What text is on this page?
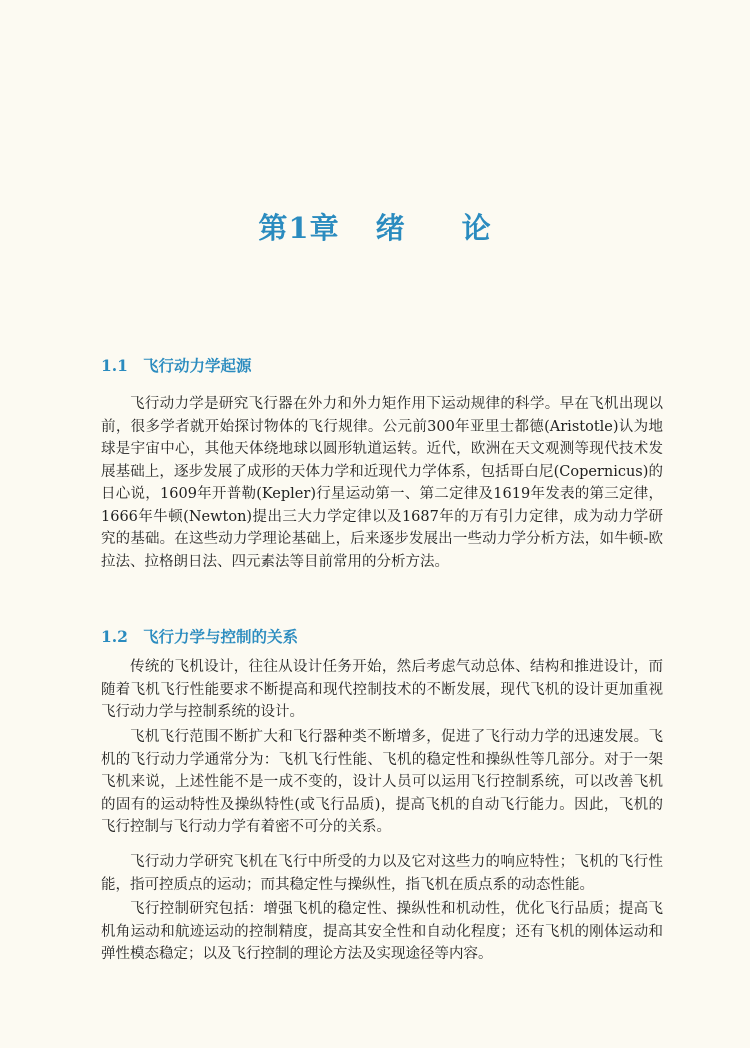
第1章 绪 论
1.1 飞行动力学起源

飞行动力学是研究飞行器在外力和外力矩作用下运动规律的科学。早在飞机出现以前，很多学者就开始探讨物体的飞行规律。公元前300年亚里士都德(Aristotle)认为地球是宇宙中心，其他天体绕地球以圆形轨道运转。近代，欧洲在天文观测等现代技术发展基础上，逐步发展了成形的天体力学和近现代力学体系，包括哥白尼(Copernicus)的日心说，1609年开普勒(Kepler)行星运动第一、第二定律及1619年发表的第三定律，1666年牛顿(Newton)提出三大力学定律以及1687年的万有引力定律，成为动力学研究的基础。在这些动力学理论基础上，后来逐步发展出一些动力学分析方法，如牛顿-欧拉法、拉格朗日法、四元素法等目前常用的分析方法。

1.2 飞行力学与控制的关系

传统的飞机设计，往往从设计任务开始，然后考虑气动总体、结构和推进设计，而随着飞机飞行性能要求不断提高和现代控制技术的不断发展，现代飞机的设计更加重视飞行动力学与控制系统的设计。

飞机飞行范围不断扩大和飞行器种类不断增多，促进了飞行动力学的迅速发展。飞机的飞行动力学通常分为：飞机飞行性能、飞机的稳定性和操纵性等几部分。对于一架飞机来说，上述性能不是一成不变的，设计人员可以运用飞行控制系统，可以改善飞机的固有的运动特性及操纵特性(或飞行品质)，提高飞机的自动飞行能力。因此，飞机的飞行控制与飞行动力学有着密不可分的关系。

飞行动力学研究飞机在飞行中所受的力以及它对这些力的响应特性；飞机的飞行性能，指可控质点的运动；而其稳定性与操纵性，指飞机在质点系的动态性能。

飞行控制研究包括：增强飞机的稳定性、操纵性和机动性，优化飞行品质；提高飞机角运动和航迹运动的控制精度，提高其安全性和自动化程度；还有飞机的刚体运动和弹性模态稳定；以及飞行控制的理论方法及实现途径等内容。
